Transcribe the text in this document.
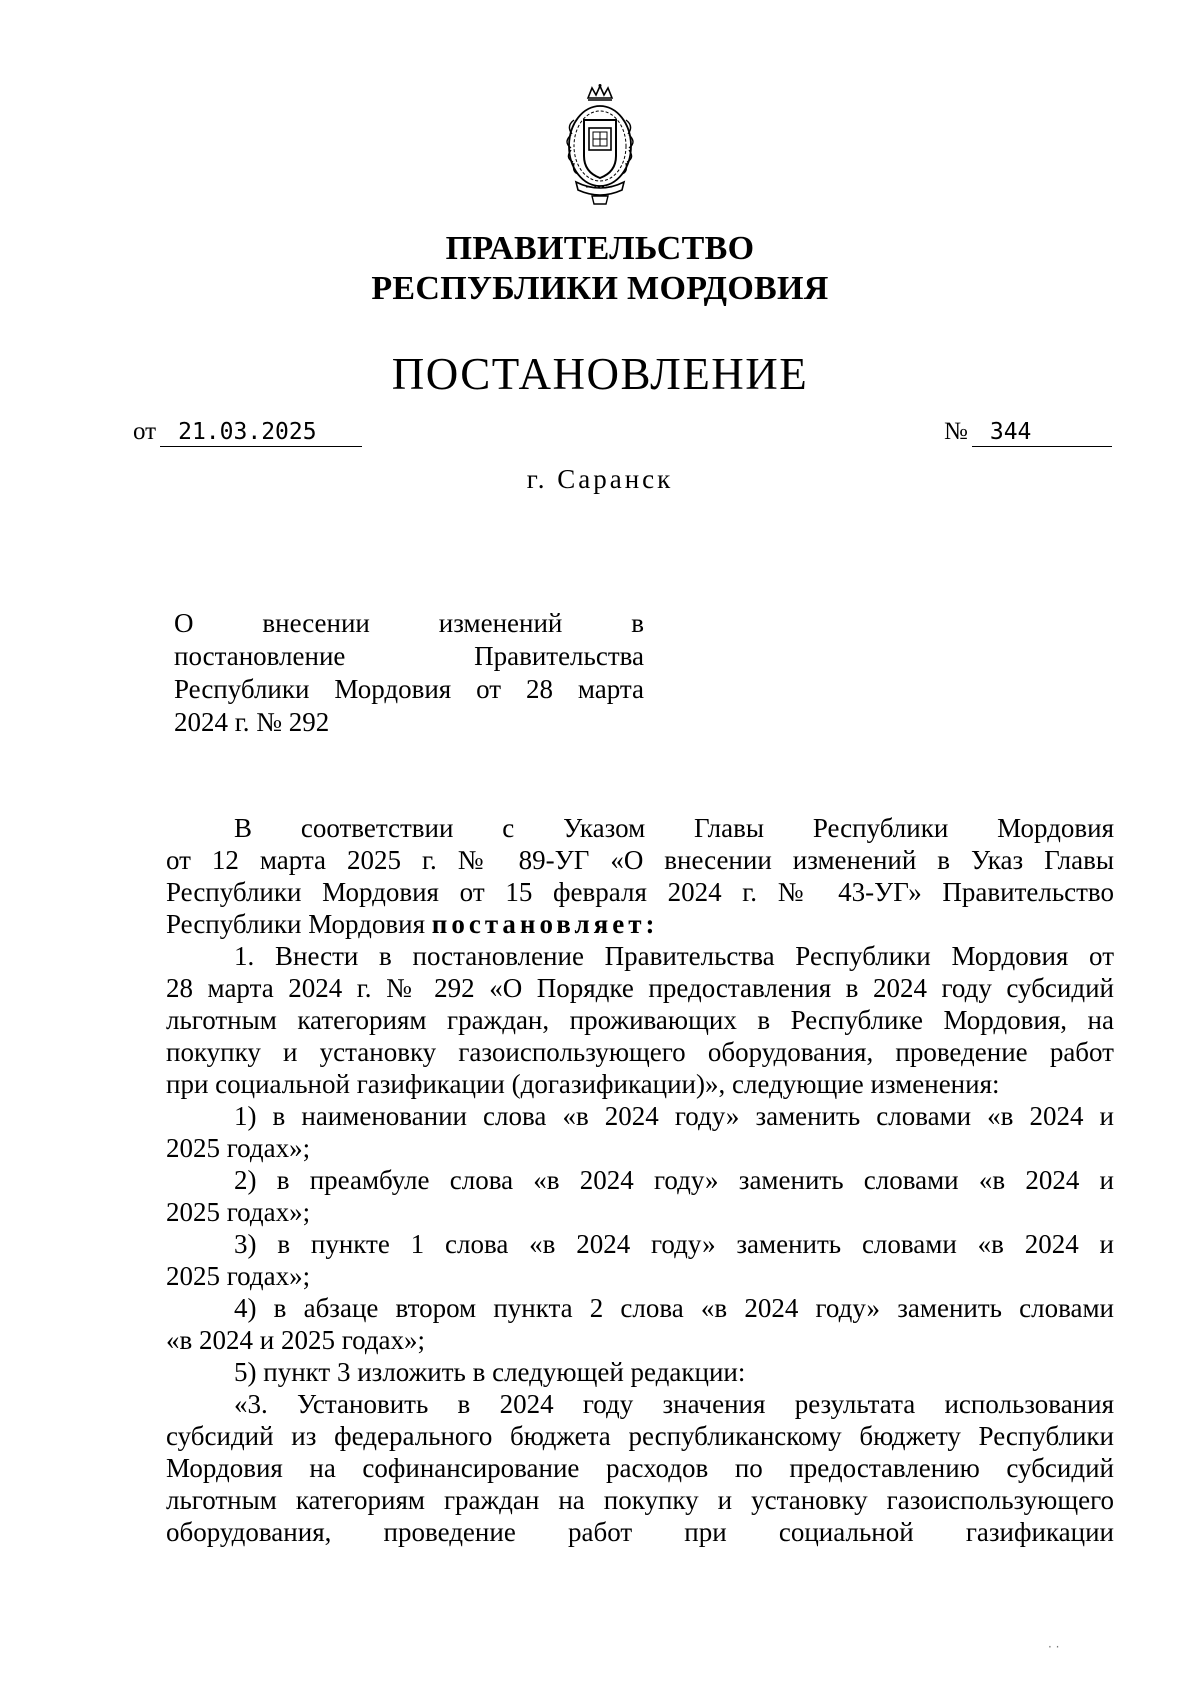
ПРАВИТЕЛЬСТВО
РЕСПУБЛИКИ МОРДОВИЯ
ПОСТАНОВЛЕНИЕ
от 21.03.2025	№ 344
г. Саранск
О внесении изменений в
постановление Правительства
Республики Мордовия от 28 марта
2024 г. № 292
В соответствии с Указом Главы Республики Мордовия
от 12 марта 2025 г. № 89-УГ «О внесении изменений в Указ Главы
Республики Мордовия от 15 февраля 2024 г. № 43-УГ» Правительство
Республики Мордовия постановляет:
1. Внести в постановление Правительства Республики Мордовия от
28 марта 2024 г. № 292 «О Порядке предоставления в 2024 году субсидий
льготным категориям граждан, проживающих в Республике Мордовия, на
покупку и установку газоиспользующего оборудования, проведение работ
при социальной газификации (догазификации)», следующие изменения:
1) в наименовании слова «в 2024 году» заменить словами «в 2024 и
2025 годах»;
2) в преамбуле слова «в 2024 году» заменить словами «в 2024 и
2025 годах»;
3) в пункте 1 слова «в 2024 году» заменить словами «в 2024 и
2025 годах»;
4) в абзаце втором пункта 2 слова «в 2024 году» заменить словами
«в 2024 и 2025 годах»;
5) пункт 3 изложить в следующей редакции:
«3. Установить в 2024 году значения результата использования
субсидий из федерального бюджета республиканскому бюджету Республики
Мордовия на софинансирование расходов по предоставлению субсидий
льготным категориям граждан на покупку и установку газоиспользующего
оборудования, проведение работ при социальной газификации
· ·
